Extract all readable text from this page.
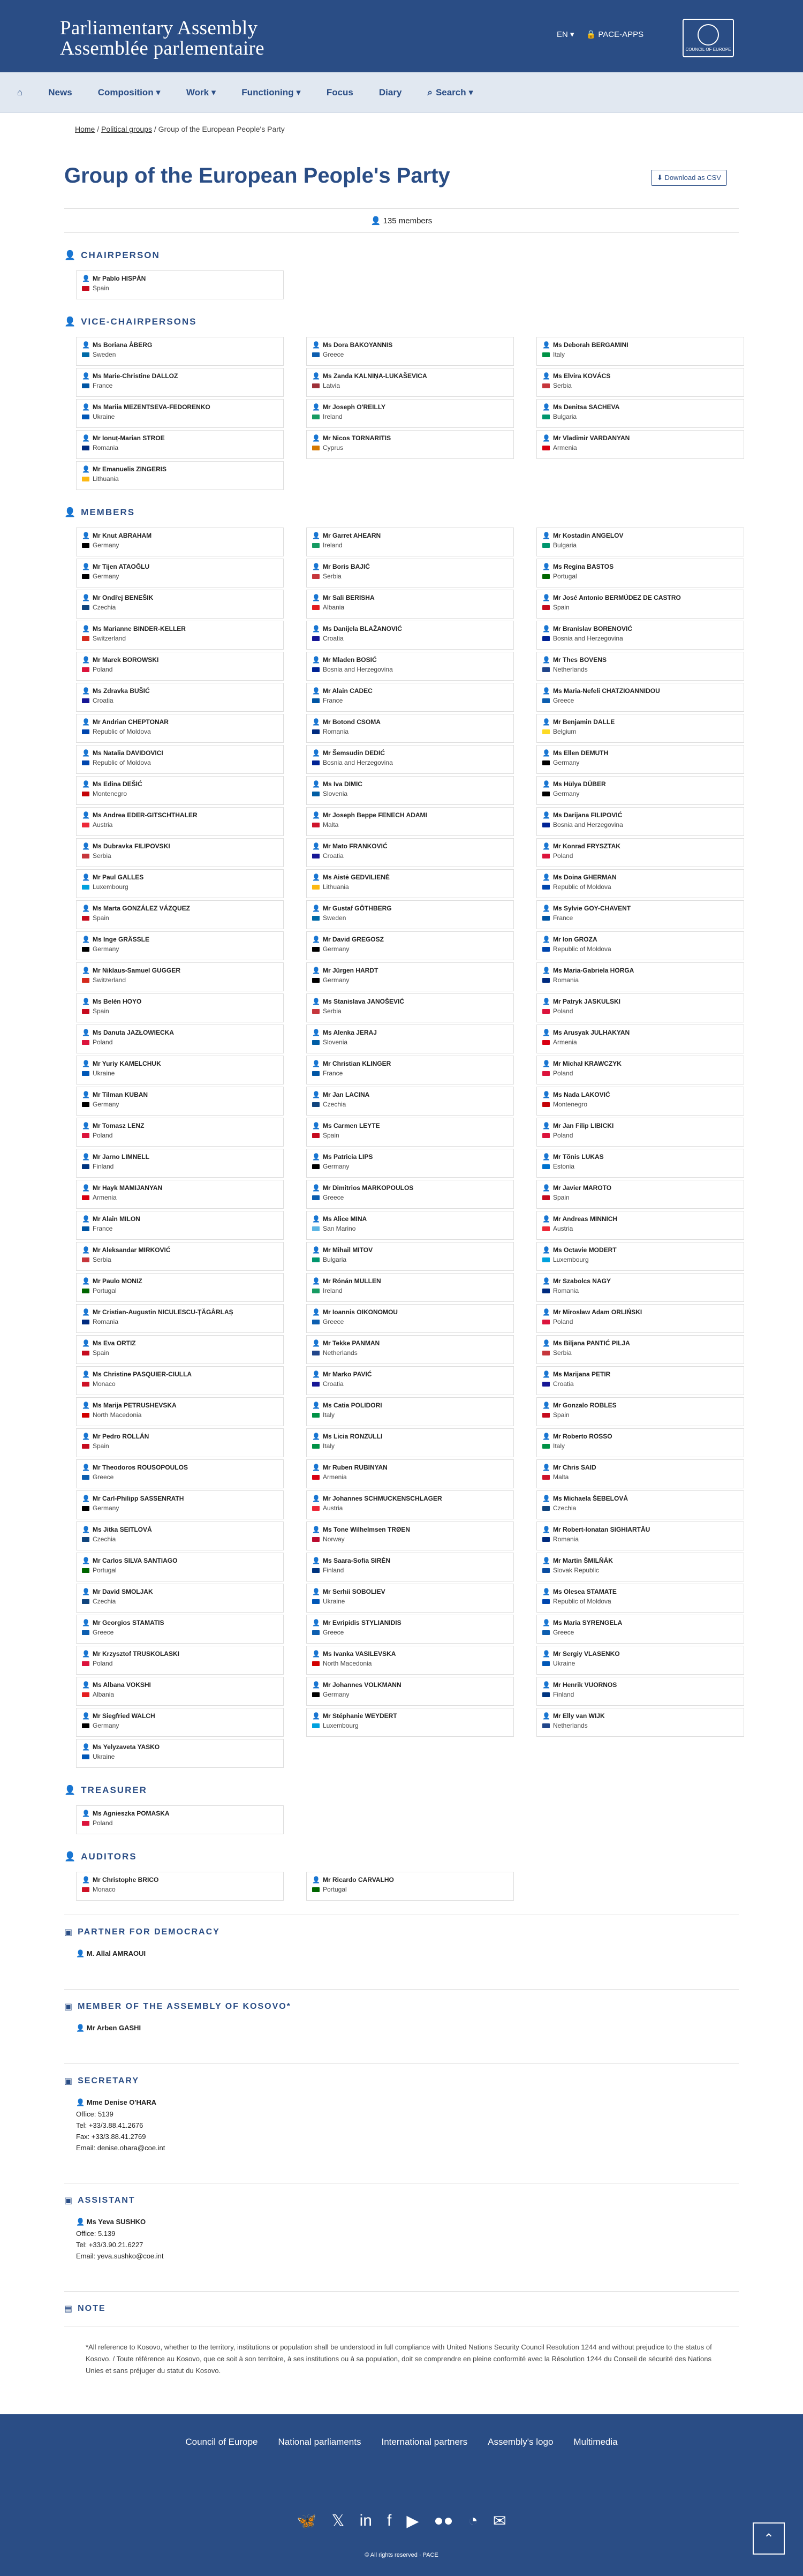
Parliamentary Assembly
Assemblée parlementaire
EN ▾ 🔒 PACE-APPS
COUNCIL OF EUROPE
⌂	News	Composition ▾	Work ▾	Functioning ▾	Focus	Diary	⌕ Search ▾
Home / Political groups / Group of the European People's Party
⬇ Download as CSV
Group of the European People's Party
👤 135 members
👤 CHAIRPERSON
👤 Mr Pablo HISPÁN
Spain
👤 VICE-CHAIRPERSONS
👤 Ms Boriana ÅBERG
Sweden
👤 Ms Dora BAKOYANNIS
Greece
👤 Ms Deborah BERGAMINI
Italy
👤 Ms Marie-Christine DALLOZ
France
👤 Ms Zanda KALNIŅA-LUKAŠEVICA
Latvia
👤 Ms Elvira KOVÁCS
Serbia
👤 Ms Mariia MEZENTSEVA-FEDORENKO
Ukraine
👤 Mr Joseph O'REILLY
Ireland
👤 Ms Denitsa SACHEVA
Bulgaria
👤 Mr Ionuț-Marian STROE
Romania
👤 Mr Nicos TORNARITIS
Cyprus
👤 Mr Vladimir VARDANYAN
Armenia
👤 Mr Emanuelis ZINGERIS
Lithuania
👤 MEMBERS
👤 Mr Knut ABRAHAM
Germany
👤 Mr Garret AHEARN
Ireland
👤 Mr Kostadin ANGELOV
Bulgaria
👤 Mr Tijen ATAOĞLU
Germany
👤 Mr Boris BAJIĆ
Serbia
👤 Ms Regina BASTOS
Portugal
👤 Mr Ondřej BENEŠIK
Czechia
👤 Mr Sali BERISHA
Albania
👤 Mr José Antonio BERMÚDEZ DE CASTRO
Spain
👤 Ms Marianne BINDER-KELLER
Switzerland
👤 Ms Danijela BLAŽANOVIĆ
Croatia
👤 Mr Branislav BORENOVIĆ
Bosnia and Herzegovina
👤 Mr Marek BOROWSKI
Poland
👤 Mr Mladen BOSIĆ
Bosnia and Herzegovina
👤 Mr Thes BOVENS
Netherlands
👤 Ms Zdravka BUŠIĆ
Croatia
👤 Mr Alain CADEC
France
👤 Ms Maria-Nefeli CHATZIOANNIDOU
Greece
👤 Mr Andrian CHEPTONAR
Republic of Moldova
👤 Mr Botond CSOMA
Romania
👤 Mr Benjamin DALLE
Belgium
👤 Ms Natalia DAVIDOVICI
Republic of Moldova
👤 Mr Šemsudin DEDIĆ
Bosnia and Herzegovina
👤 Ms Ellen DEMUTH
Germany
👤 Ms Edina DEŠIĆ
Montenegro
👤 Ms Iva DIMIC
Slovenia
👤 Ms Hülya DÜBER
Germany
👤 Ms Andrea EDER-GITSCHTHALER
Austria
👤 Mr Joseph Beppe FENECH ADAMI
Malta
👤 Ms Darijana FILIPOVIĆ
Bosnia and Herzegovina
👤 Ms Dubravka FILIPOVSKI
Serbia
👤 Mr Mato FRANKOVIĆ
Croatia
👤 Mr Konrad FRYSZTAK
Poland
👤 Mr Paul GALLES
Luxembourg
👤 Ms Aistė GEDVILIENĖ
Lithuania
👤 Ms Doina GHERMAN
Republic of Moldova
👤 Ms Marta GONZÁLEZ VÁZQUEZ
Spain
👤 Mr Gustaf GÖTHBERG
Sweden
👤 Ms Sylvie GOY-CHAVENT
France
👤 Ms Inge GRÄSSLE
Germany
👤 Mr David GREGOSZ
Germany
👤 Mr Ion GROZA
Republic of Moldova
👤 Mr Niklaus-Samuel GUGGER
Switzerland
👤 Mr Jürgen HARDT
Germany
👤 Ms Maria-Gabriela HORGA
Romania
👤 Ms Belén HOYO
Spain
👤 Ms Stanislava JANOŠEVIĆ
Serbia
👤 Mr Patryk JASKULSKI
Poland
👤 Ms Danuta JAZŁOWIECKA
Poland
👤 Ms Alenka JERAJ
Slovenia
👤 Ms Arusyak JULHAKYAN
Armenia
👤 Mr Yuriy KAMELCHUK
Ukraine
👤 Mr Christian KLINGER
France
👤 Mr Michał KRAWCZYK
Poland
👤 Mr Tilman KUBAN
Germany
👤 Mr Jan LACINA
Czechia
👤 Ms Nada LAKOVIĆ
Montenegro
👤 Mr Tomasz LENZ
Poland
👤 Ms Carmen LEYTE
Spain
👤 Mr Jan Filip LIBICKI
Poland
👤 Mr Jarno LIMNELL
Finland
👤 Ms Patricia LIPS
Germany
👤 Mr Tõnis LUKAS
Estonia
👤 Mr Hayk MAMIJANYAN
Armenia
👤 Mr Dimitrios MARKOPOULOS
Greece
👤 Mr Javier MAROTO
Spain
👤 Mr Alain MILON
France
👤 Ms Alice MINA
San Marino
👤 Mr Andreas MINNICH
Austria
👤 Mr Aleksandar MIRKOVIĆ
Serbia
👤 Mr Mihail MITOV
Bulgaria
👤 Ms Octavie MODERT
Luxembourg
👤 Mr Paulo MONIZ
Portugal
👤 Mr Rónán MULLEN
Ireland
👤 Mr Szabolcs NAGY
Romania
👤 Mr Cristian-Augustin NICULESCU-ȚĂGÂRLAȘ
Romania
👤 Mr Ioannis OIKONOMOU
Greece
👤 Mr Mirosław Adam ORLIŃSKI
Poland
👤 Ms Eva ORTIZ
Spain
👤 Mr Tekke PANMAN
Netherlands
👤 Ms Biljana PANTIĆ PILJA
Serbia
👤 Ms Christine PASQUIER-CIULLA
Monaco
👤 Mr Marko PAVIĆ
Croatia
👤 Ms Marijana PETIR
Croatia
👤 Ms Marija PETRUSHEVSKA
North Macedonia
👤 Ms Catia POLIDORI
Italy
👤 Mr Gonzalo ROBLES
Spain
👤 Mr Pedro ROLLÁN
Spain
👤 Ms Licia RONZULLI
Italy
👤 Mr Roberto ROSSO
Italy
👤 Mr Theodoros ROUSOPOULOS
Greece
👤 Mr Ruben RUBINYAN
Armenia
👤 Mr Chris SAID
Malta
👤 Mr Carl-Philipp SASSENRATH
Germany
👤 Mr Johannes SCHMUCKENSCHLAGER
Austria
👤 Ms Michaela ŠEBELOVÁ
Czechia
👤 Ms Jitka SEITLOVÁ
Czechia
👤 Ms Tone Wilhelmsen TRØEN
Norway
👤 Mr Robert-Ionatan SIGHIARTĂU
Romania
👤 Mr Carlos SILVA SANTIAGO
Portugal
👤 Ms Saara-Sofia SIRÉN
Finland
👤 Mr Martin ŠMILŇÁK
Slovak Republic
👤 Mr David SMOLJAK
Czechia
👤 Mr Serhii SOBOLIEV
Ukraine
👤 Ms Olesea STAMATE
Republic of Moldova
👤 Mr Georgios STAMATIS
Greece
👤 Mr Evripidis STYLIANIDIS
Greece
👤 Ms Maria SYRENGELA
Greece
👤 Mr Krzysztof TRUSKOLASKI
Poland
👤 Ms Ivanka VASILEVSKA
North Macedonia
👤 Mr Sergiy VLASENKO
Ukraine
👤 Ms Albana VOKSHI
Albania
👤 Mr Johannes VOLKMANN
Germany
👤 Mr Henrik VUORNOS
Finland
👤 Mr Siegfried WALCH
Germany
👤 Mr Stéphanie WEYDERT
Luxembourg
👤 Mr Elly van WIJK
Netherlands
👤 Ms Yelyzaveta YASKO
Ukraine
👤 TREASURER
👤 Ms Agnieszka POMASKA
Poland
👤 AUDITORS
👤 Mr Christophe BRICO
Monaco
👤 Mr Ricardo CARVALHO
Portugal
▣ PARTNER FOR DEMOCRACY

👤 M. Allal AMRAOUI

▣ MEMBER OF THE ASSEMBLY OF KOSOVO*

👤 Mr Arben GASHI

▣ SECRETARY

👤 Mme Denise O'HARA

Office: 5139

Tel: +33/3.88.41.2676

Fax: +33/3.88.41.2769

Email: denise.ohara@coe.int

▣ ASSISTANT

👤 Ms Yeva SUSHKO

Office: 5.139

Tel: +33/3.90.21.6227

Email: yeva.sushko@coe.int

▤ NOTE
*All reference to Kosovo, whether to the territory, institutions or population shall be understood in full compliance with United Nations Security Council Resolution 1244 and without prejudice to the status of Kosovo. / Toute référence au Kosovo, que ce soit à son territoire, à ses institutions ou à sa population, doit se comprendre en pleine conformité avec la Résolution 1244 du Conseil de sécurité des Nations Unies et sans préjuger du statut du Kosovo.
Council of Europe National parliaments International partners Assembly's logo Multimedia
🦋 𝕏 in f ▶ ●● ◔ ✉
© All rights reserved · PACE
⌃
